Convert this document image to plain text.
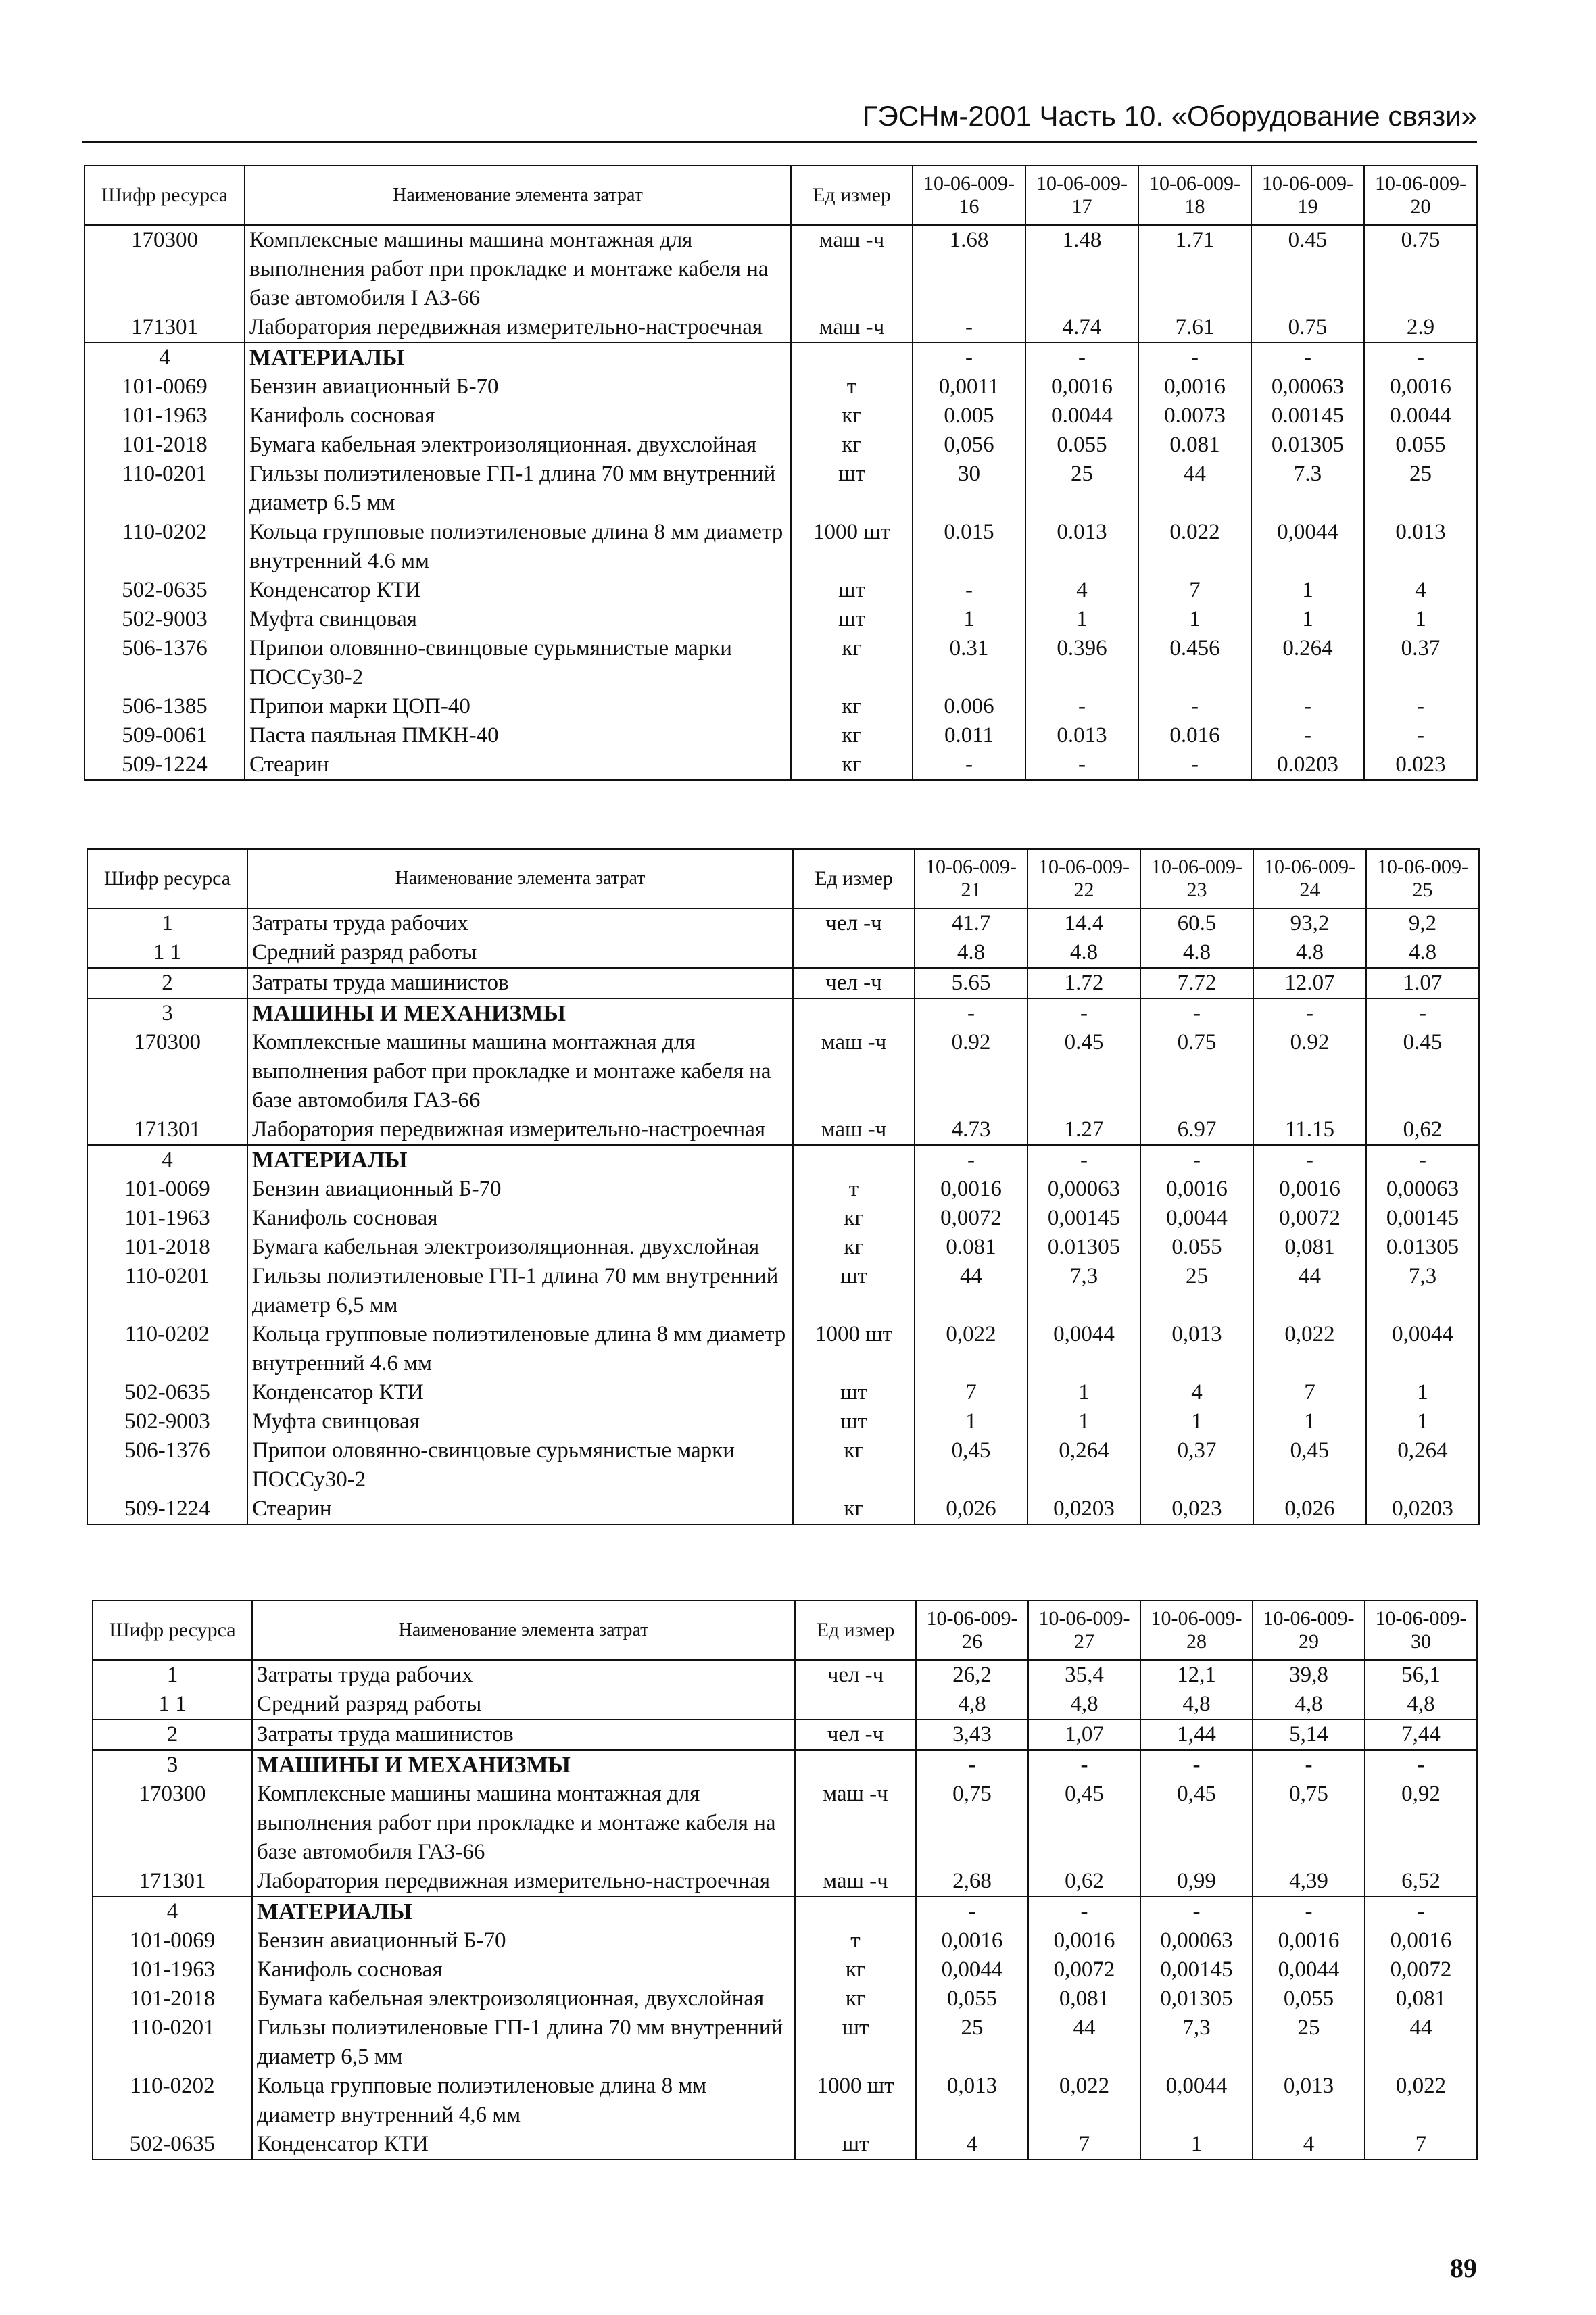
ГЭСНм-2001 Часть 10. «Оборудование связи»
Шифр ресурса	Наименование элемента затрат	Ед измер	10-06-009-16	10-06-009-17	10-06-009-18	10-06-009-19	10-06-009-20
170300	Комплексные машины машина монтажная для выполнения работ при прокладке и монтаже кабеля на базе автомобиля I АЗ-66	маш -ч	1.68	1.48	1.71	0.45	0.75
171301	Лаборатория передвижная измерительно-настроечная	маш -ч	-	4.74	7.61	0.75	2.9
4	МАТЕРИАЛЫ		-	-	-	-	-
101-0069	Бензин авиационный Б-70	т	0,0011	0,0016	0,0016	0,00063	0,0016
101-1963	Канифоль сосновая	кг	0.005	0.0044	0.0073	0.00145	0.0044
101-2018	Бумага кабельная электроизоляционная. двухслойная	кг	0,056	0.055	0.081	0.01305	0.055
110-0201	Гильзы полиэтиленовые ГП-1 длина 70 мм внутренний диаметр 6.5 мм	шт	30	25	44	7.3	25
110-0202	Кольца групповые полиэтиленовые длина 8 мм диаметр внутренний 4.6 мм	1000 шт	0.015	0.013	0.022	0,0044	0.013
502-0635	Конденсатор КТИ	шт	-	4	7	1	4
502-9003	Муфта свинцовая	шт	1	1	1	1	1
506-1376	Припои оловянно-свинцовые сурьмянистые марки ПОССу30-2	кг	0.31	0.396	0.456	0.264	0.37
506-1385	Припои марки ЦОП-40	кг	0.006	-	-	-	-
509-0061	Паста паяльная ПМКН-40	кг	0.011	0.013	0.016	-	-
509-1224	Стеарин	кг	-	-	-	0.0203	0.023
Шифр ресурса	Наименование элемента затрат	Ед измер	10-06-009-21	10-06-009-22	10-06-009-23	10-06-009-24	10-06-009-25
1	Затраты труда рабочих	чел -ч	41.7	14.4	60.5	93,2	9,2
1 1	Средний разряд работы		4.8	4.8	4.8	4.8	4.8
2	Затраты труда машинистов	чел -ч	5.65	1.72	7.72	12.07	1.07
3	МАШИНЫ И МЕХАНИЗМЫ		-	-	-	-	-
170300	Комплексные машины машина монтажная для выполнения работ при прокладке и монтаже кабеля на базе автомобиля ГАЗ-66	маш -ч	0.92	0.45	0.75	0.92	0.45
171301	Лаборатория передвижная измерительно-настроечная	маш -ч	4.73	1.27	6.97	11.15	0,62
4	МАТЕРИАЛЫ		-	-	-	-	-
101-0069	Бензин авиационный Б-70	т	0,0016	0,00063	0,0016	0,0016	0,00063
101-1963	Канифоль сосновая	кг	0,0072	0,00145	0,0044	0,0072	0,00145
101-2018	Бумага кабельная электроизоляционная. двухслойная	кг	0.081	0.01305	0.055	0,081	0.01305
110-0201	Гильзы полиэтиленовые ГП-1 длина 70 мм внутренний диаметр 6,5 мм	шт	44	7,3	25	44	7,3
110-0202	Кольца групповые полиэтиленовые длина 8 мм диаметр внутренний 4.6 мм	1000 шт	0,022	0,0044	0,013	0,022	0,0044
502-0635	Конденсатор КТИ	шт	7	1	4	7	1
502-9003	Муфта свинцовая	шт	1	1	1	1	1
506-1376	Припои оловянно-свинцовые сурьмянистые марки ПОССу30-2	кг	0,45	0,264	0,37	0,45	0,264
509-1224	Стеарин	кг	0,026	0,0203	0,023	0,026	0,0203
Шифр ресурса	Наименование элемента затрат	Ед измер	10-06-009-26	10-06-009-27	10-06-009-28	10-06-009-29	10-06-009-30
1	Затраты труда рабочих	чел -ч	26,2	35,4	12,1	39,8	56,1
1 1	Средний разряд работы		4,8	4,8	4,8	4,8	4,8
2	Затраты труда машинистов	чел -ч	3,43	1,07	1,44	5,14	7,44
3	МАШИНЫ И МЕХАНИЗМЫ		-	-	-	-	-
170300	Комплексные машины машина монтажная для выполнения работ при прокладке и монтаже кабеля на базе автомобиля ГАЗ-66	маш -ч	0,75	0,45	0,45	0,75	0,92
171301	Лаборатория передвижная измерительно-настроечная	маш -ч	2,68	0,62	0,99	4,39	6,52
4	МАТЕРИАЛЫ		-	-	-	-	-
101-0069	Бензин авиационный Б-70	т	0,0016	0,0016	0,00063	0,0016	0,0016
101-1963	Канифоль сосновая	кг	0,0044	0,0072	0,00145	0,0044	0,0072
101-2018	Бумага кабельная электроизоляционная, двухслойная	кг	0,055	0,081	0,01305	0,055	0,081
110-0201	Гильзы полиэтиленовые ГП-1 длина 70 мм внутренний диаметр 6,5 мм	шт	25	44	7,3	25	44
110-0202	Кольца групповые полиэтиленовые длина 8 мм диаметр внутренний 4,6 мм	1000 шт	0,013	0,022	0,0044	0,013	0,022
502-0635	Конденсатор КТИ	шт	4	7	1	4	7
89
